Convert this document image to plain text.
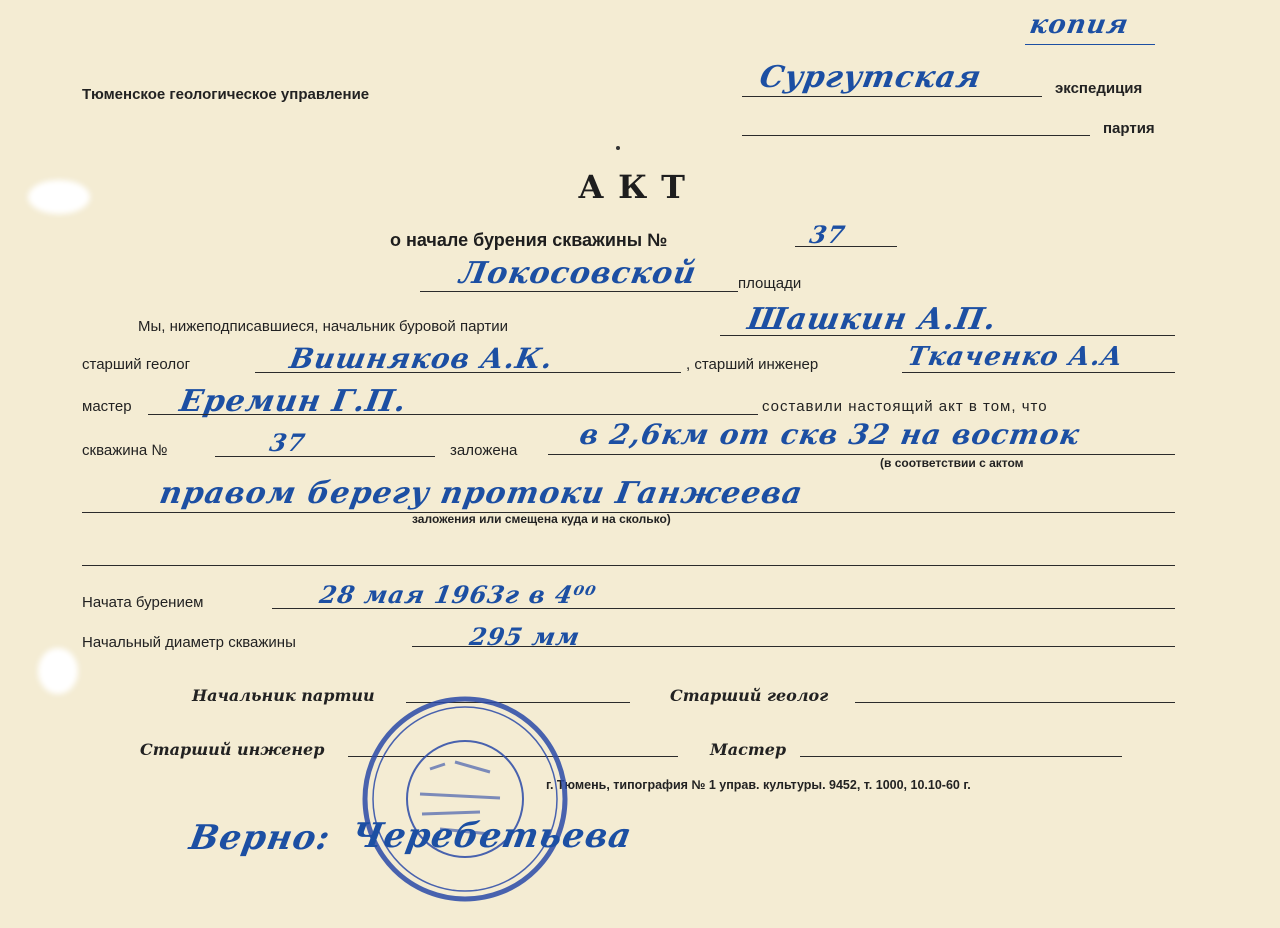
копия
Тюменское геологическое управление	Сургутская	экспедиция
партия
АКТ
о начале бурения скважины №	37
Локосовской	площади
Мы, нижеподписавшиеся, начальник буровой партии	Шашкин А.П.
старший геолог	Вишняков А.К.	, старший инженер	Ткаченко А.А
мастер Еремин Г.П.	составили настоящий акт в том, что
скважина №	37	заложена в 2,6км от скв 32 на восток
(в соответствии с актом
правом берегу протоки Ганжеева
заложения или смещена куда и на сколько)
Начата бурением	28 мая 1963г в 4⁰⁰
Начальный диаметр скважины	295 мм
Начальник партии	Старший геолог
Старший инженер	Мастер
г. Тюмень, типография № 1 управ. культуры. 9452, т. 1000, 10.10-60 г.
Верно: Черебетьева
